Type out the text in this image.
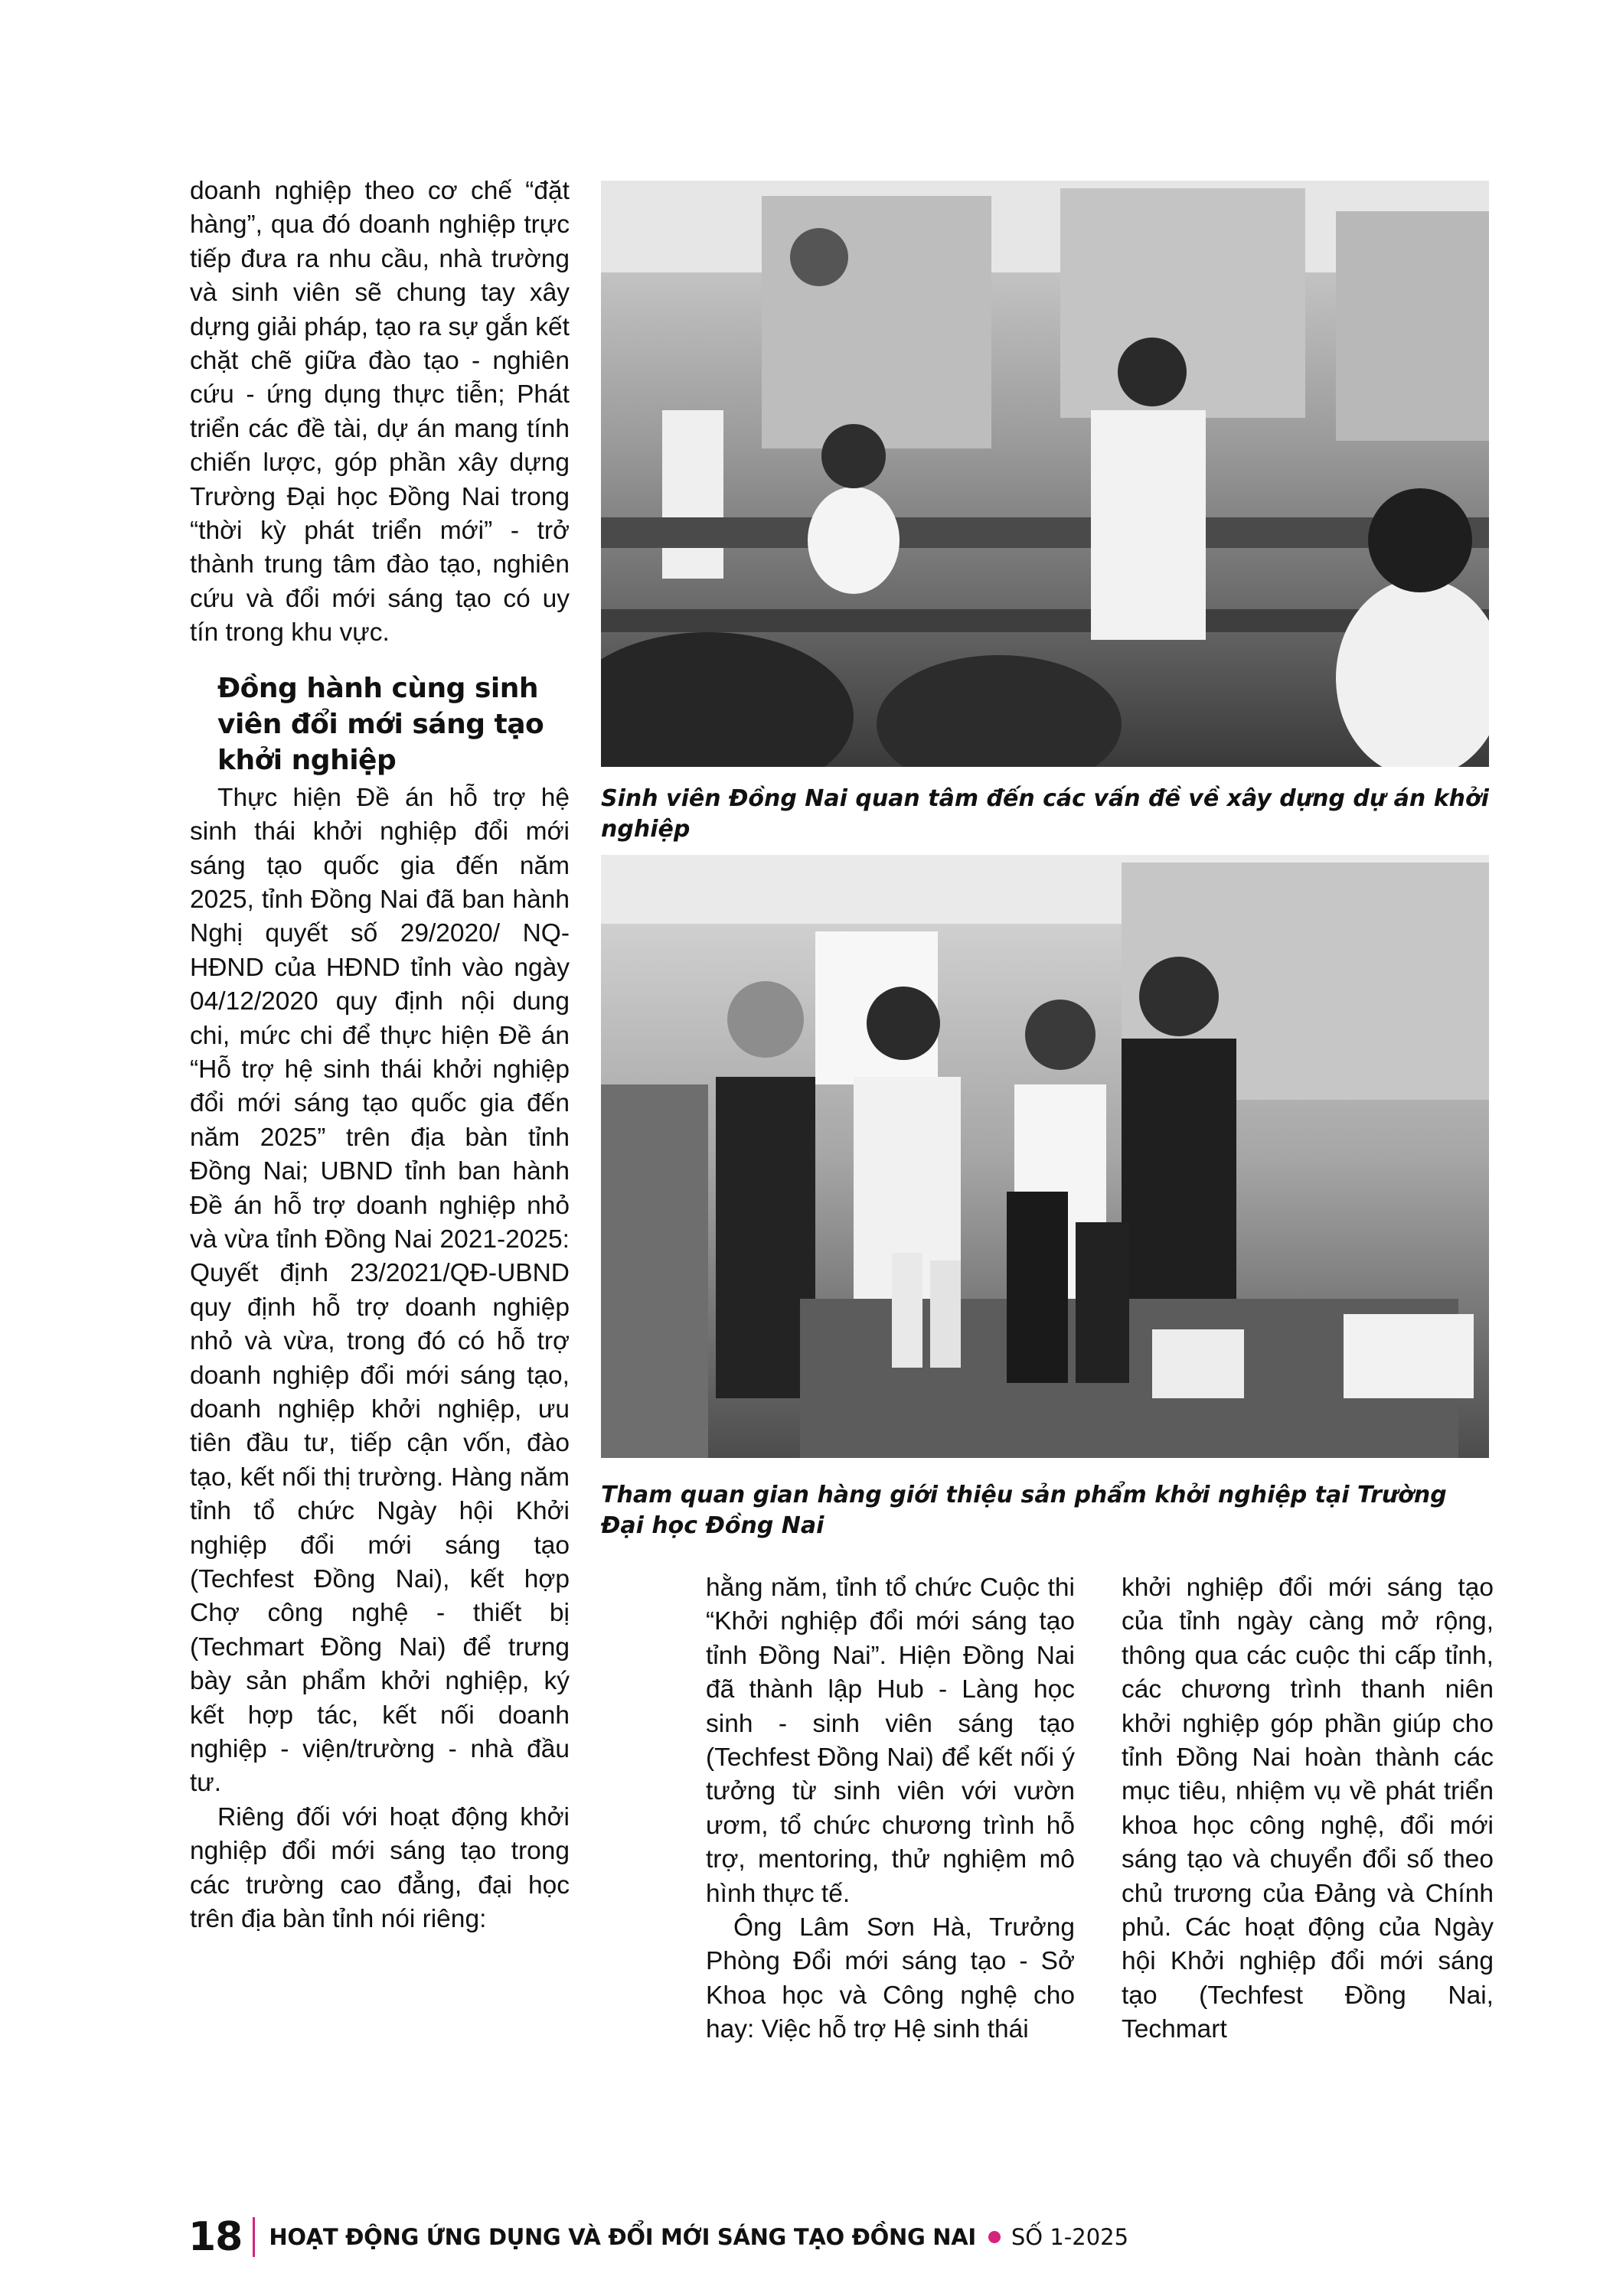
doanh nghiệp theo cơ chế “đặt hàng”, qua đó doanh nghiệp trực tiếp đưa ra nhu cầu, nhà trường và sinh viên sẽ chung tay xây dựng giải pháp, tạo ra sự gắn kết chặt chẽ giữa đào tạo - nghiên cứu - ứng dụng thực tiễn; Phát triển các đề tài, dự án mang tính chiến lược, góp phần xây dựng Trường Đại học Đồng Nai trong “thời kỳ phát triển mới” - trở thành trung tâm đào tạo, nghiên cứu và đổi mới sáng tạo có uy tín trong khu vực.

Đồng hành cùng sinh viên đổi mới sáng tạo khởi nghiệp

Thực hiện Đề án hỗ trợ hệ sinh thái khởi nghiệp đổi mới sáng tạo quốc gia đến năm 2025, tỉnh Đồng Nai đã ban hành Nghị quyết số 29/2020/ NQ-HĐND của HĐND tỉnh vào ngày 04/12/2020 quy định nội dung chi, mức chi để thực hiện Đề án “Hỗ trợ hệ sinh thái khởi nghiệp đổi mới sáng tạo quốc gia đến năm 2025” trên địa bàn tỉnh Đồng Nai; UBND tỉnh ban hành Đề án hỗ trợ doanh nghiệp nhỏ và vừa tỉnh Đồng Nai 2021-2025: Quyết định 23/2021/QĐ-UBND quy định hỗ trợ doanh nghiệp nhỏ và vừa, trong đó có hỗ trợ doanh nghiệp đổi mới sáng tạo, doanh nghiệp khởi nghiệp, ưu tiên đầu tư, tiếp cận vốn, đào tạo, kết nối thị trường. Hàng năm tỉnh tổ chức Ngày hội Khởi nghiệp đổi mới sáng tạo (Techfest Đồng Nai), kết hợp Chợ công nghệ - thiết bị (Techmart Đồng Nai) để trưng bày sản phẩm khởi nghiệp, ký kết hợp tác, kết nối doanh nghiệp - viện/trường - nhà đầu tư.

Riêng đối với hoạt động khởi nghiệp đổi mới sáng tạo trong các trường cao đẳng, đại học trên địa bàn tỉnh nói riêng:

Sinh viên Đồng Nai quan tâm đến các vấn đề về xây dựng dự án khởi nghiệp
Tham quan gian hàng giới thiệu sản phẩm khởi nghiệp tại Trường Đại học Đồng Nai

hằng năm, tỉnh tổ chức Cuộc thi “Khởi nghiệp đổi mới sáng tạo tỉnh Đồng Nai”. Hiện Đồng Nai đã thành lập Hub - Làng học sinh - sinh viên sáng tạo (Techfest Đồng Nai) để kết nối ý tưởng từ sinh viên với vườn ươm, tổ chức chương trình hỗ trợ, mentoring, thử nghiệm mô hình thực tế.

Ông Lâm Sơn Hà, Trưởng Phòng Đổi mới sáng tạo - Sở Khoa học và Công nghệ cho hay: Việc hỗ trợ Hệ sinh thái

khởi nghiệp đổi mới sáng tạo của tỉnh ngày càng mở rộng, thông qua các cuộc thi cấp tỉnh, các chương trình thanh niên khởi nghiệp góp phần giúp cho tỉnh Đồng Nai hoàn thành các mục tiêu, nhiệm vụ về phát triển khoa học công nghệ, đổi mới sáng tạo và chuyển đổi số theo chủ trương của Đảng và Chính phủ. Các hoạt động của Ngày hội Khởi nghiệp đổi mới sáng tạo (Techfest Đồng Nai, Techmart

18 HOẠT ĐỘNG ỨNG DỤNG VÀ ĐỔI MỚI SÁNG TẠO ĐỒNG NAI SỐ 1-2025
